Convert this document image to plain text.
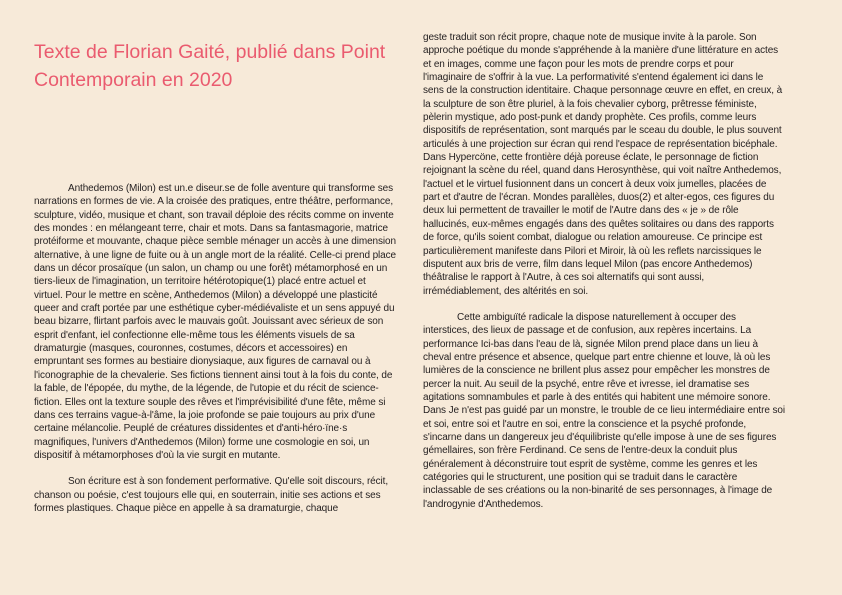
Texte de Florian Gaité, publié dans Point Contemporain en 2020

Anthedemos (Milon) est un.e diseur.se de folle aventure qui transforme ses narrations en formes de vie. A la croisée des pratiques, entre théâtre, performance, sculpture, vidéo, musique et chant, son travail déploie des récits comme on invente des mondes : en mélangeant terre, chair et mots. Dans sa fantasmagorie, matrice protéiforme et mouvante, chaque pièce semble ménager un accès à une dimension alternative, à une ligne de fuite ou à un angle mort de la réalité. Celle-ci prend place dans un décor prosaïque (un salon, un champ ou une forêt) métamorphosé en un tiers-lieux de l'imagination, un territoire hétérotopique(1) placé entre actuel et virtuel. Pour le mettre en scène, Anthedemos (Milon) a développé une plasticité queer and craft portée par une esthétique cyber-médiévaliste et un sens appuyé du beau bizarre, flirtant parfois avec le mauvais goût. Jouissant avec sérieux de son esprit d'enfant, iel confectionne elle-même tous les éléments visuels de sa dramaturgie (masques, couronnes, costumes, décors et accessoires) en empruntant ses formes au bestiaire dionysiaque, aux figures de carnaval ou à l'iconographie de la chevalerie. Ses fictions tiennent ainsi tout à la fois du conte, de la fable, de l'épopée, du mythe, de la légende, de l'utopie et du récit de science-fiction. Elles ont la texture souple des rêves et l'imprévisibilité d'une fête, même si dans ces terrains vague-à-l'âme, la joie profonde se paie toujours au prix d'une certaine mélancolie. Peuplé de créatures dissidentes et d'anti-héro·ïne·s magnifiques, l'univers d'Anthedemos (Milon) forme une cosmologie en soi, un dispositif à métamorphoses d'où la vie surgit en mutante.

Son écriture est à son fondement performative. Qu'elle soit discours, récit, chanson ou poésie, c'est toujours elle qui, en souterrain, initie ses actions et ses formes plastiques. Chaque pièce en appelle à sa dramaturgie, chaque

geste traduit son récit propre, chaque note de musique invite à la parole. Son approche poétique du monde s'appréhende à la manière d'une littérature en actes et en images, comme une façon pour les mots de prendre corps et pour l'imaginaire de s'offrir à la vue. La performativité s'entend également ici dans le sens de la construction identitaire. Chaque personnage œuvre en effet, en creux, à la sculpture de son être pluriel, à la fois chevalier cyborg, prêtresse féministe, pèlerin mystique, ado post-punk et dandy prophète. Ces profils, comme leurs dispositifs de représentation, sont marqués par le sceau du double, le plus souvent articulés à une projection sur écran qui rend l'espace de représentation bicéphale. Dans Hypercöne, cette frontière déjà poreuse éclate, le personnage de fiction rejoignant la scène du réel, quand dans Herosynthèse, qui voit naître Anthedemos, l'actuel et le virtuel fusionnent dans un concert à deux voix jumelles, placées de part et d'autre de l'écran. Mondes parallèles, duos(2) et alter-egos, ces figures du deux lui permettent de travailler le motif de l'Autre dans des « je » de rôle hallucinés, eux-mêmes engagés dans des quêtes solitaires ou dans des rapports de force, qu'ils soient combat, dialogue ou relation amoureuse. Ce principe est particulièrement manifeste dans Pilori et Miroir, là où les reflets narcissiques le disputent aux bris de verre, film dans lequel Milon (pas encore Anthedemos) théâtralise le rapport à l'Autre, à ces soi alternatifs qui sont aussi, irrémédiablement, des altérités en soi.

Cette ambiguïté radicale la dispose naturellement à occuper des interstices, des lieux de passage et de confusion, aux repères incertains. La performance Ici-bas dans l'eau de là, signée Milon prend place dans un lieu à cheval entre présence et absence, quelque part entre chienne et louve, là où les lumières de la conscience ne brillent plus assez pour empêcher les monstres de percer la nuit. Au seuil de la psyché, entre rêve et ivresse, iel dramatise ses agitations somnambules et parle à des entités qui habitent une mémoire sonore. Dans Je n'est pas guidé par un monstre, le trouble de ce lieu intermédiaire entre soi et soi, entre soi et l'autre en soi, entre la conscience et la psyché profonde, s'incarne dans un dangereux jeu d'équilibriste qu'elle impose à une de ses figures gémellaires, son frère Ferdinand. Ce sens de l'entre-deux la conduit plus généralement à déconstruire tout esprit de système, comme les genres et les catégories qui le structurent, une position qui se traduit dans le caractère inclassable de ses créations ou la non-binarité de ses personnages, à l'image de l'androgynie d'Anthedemos.
